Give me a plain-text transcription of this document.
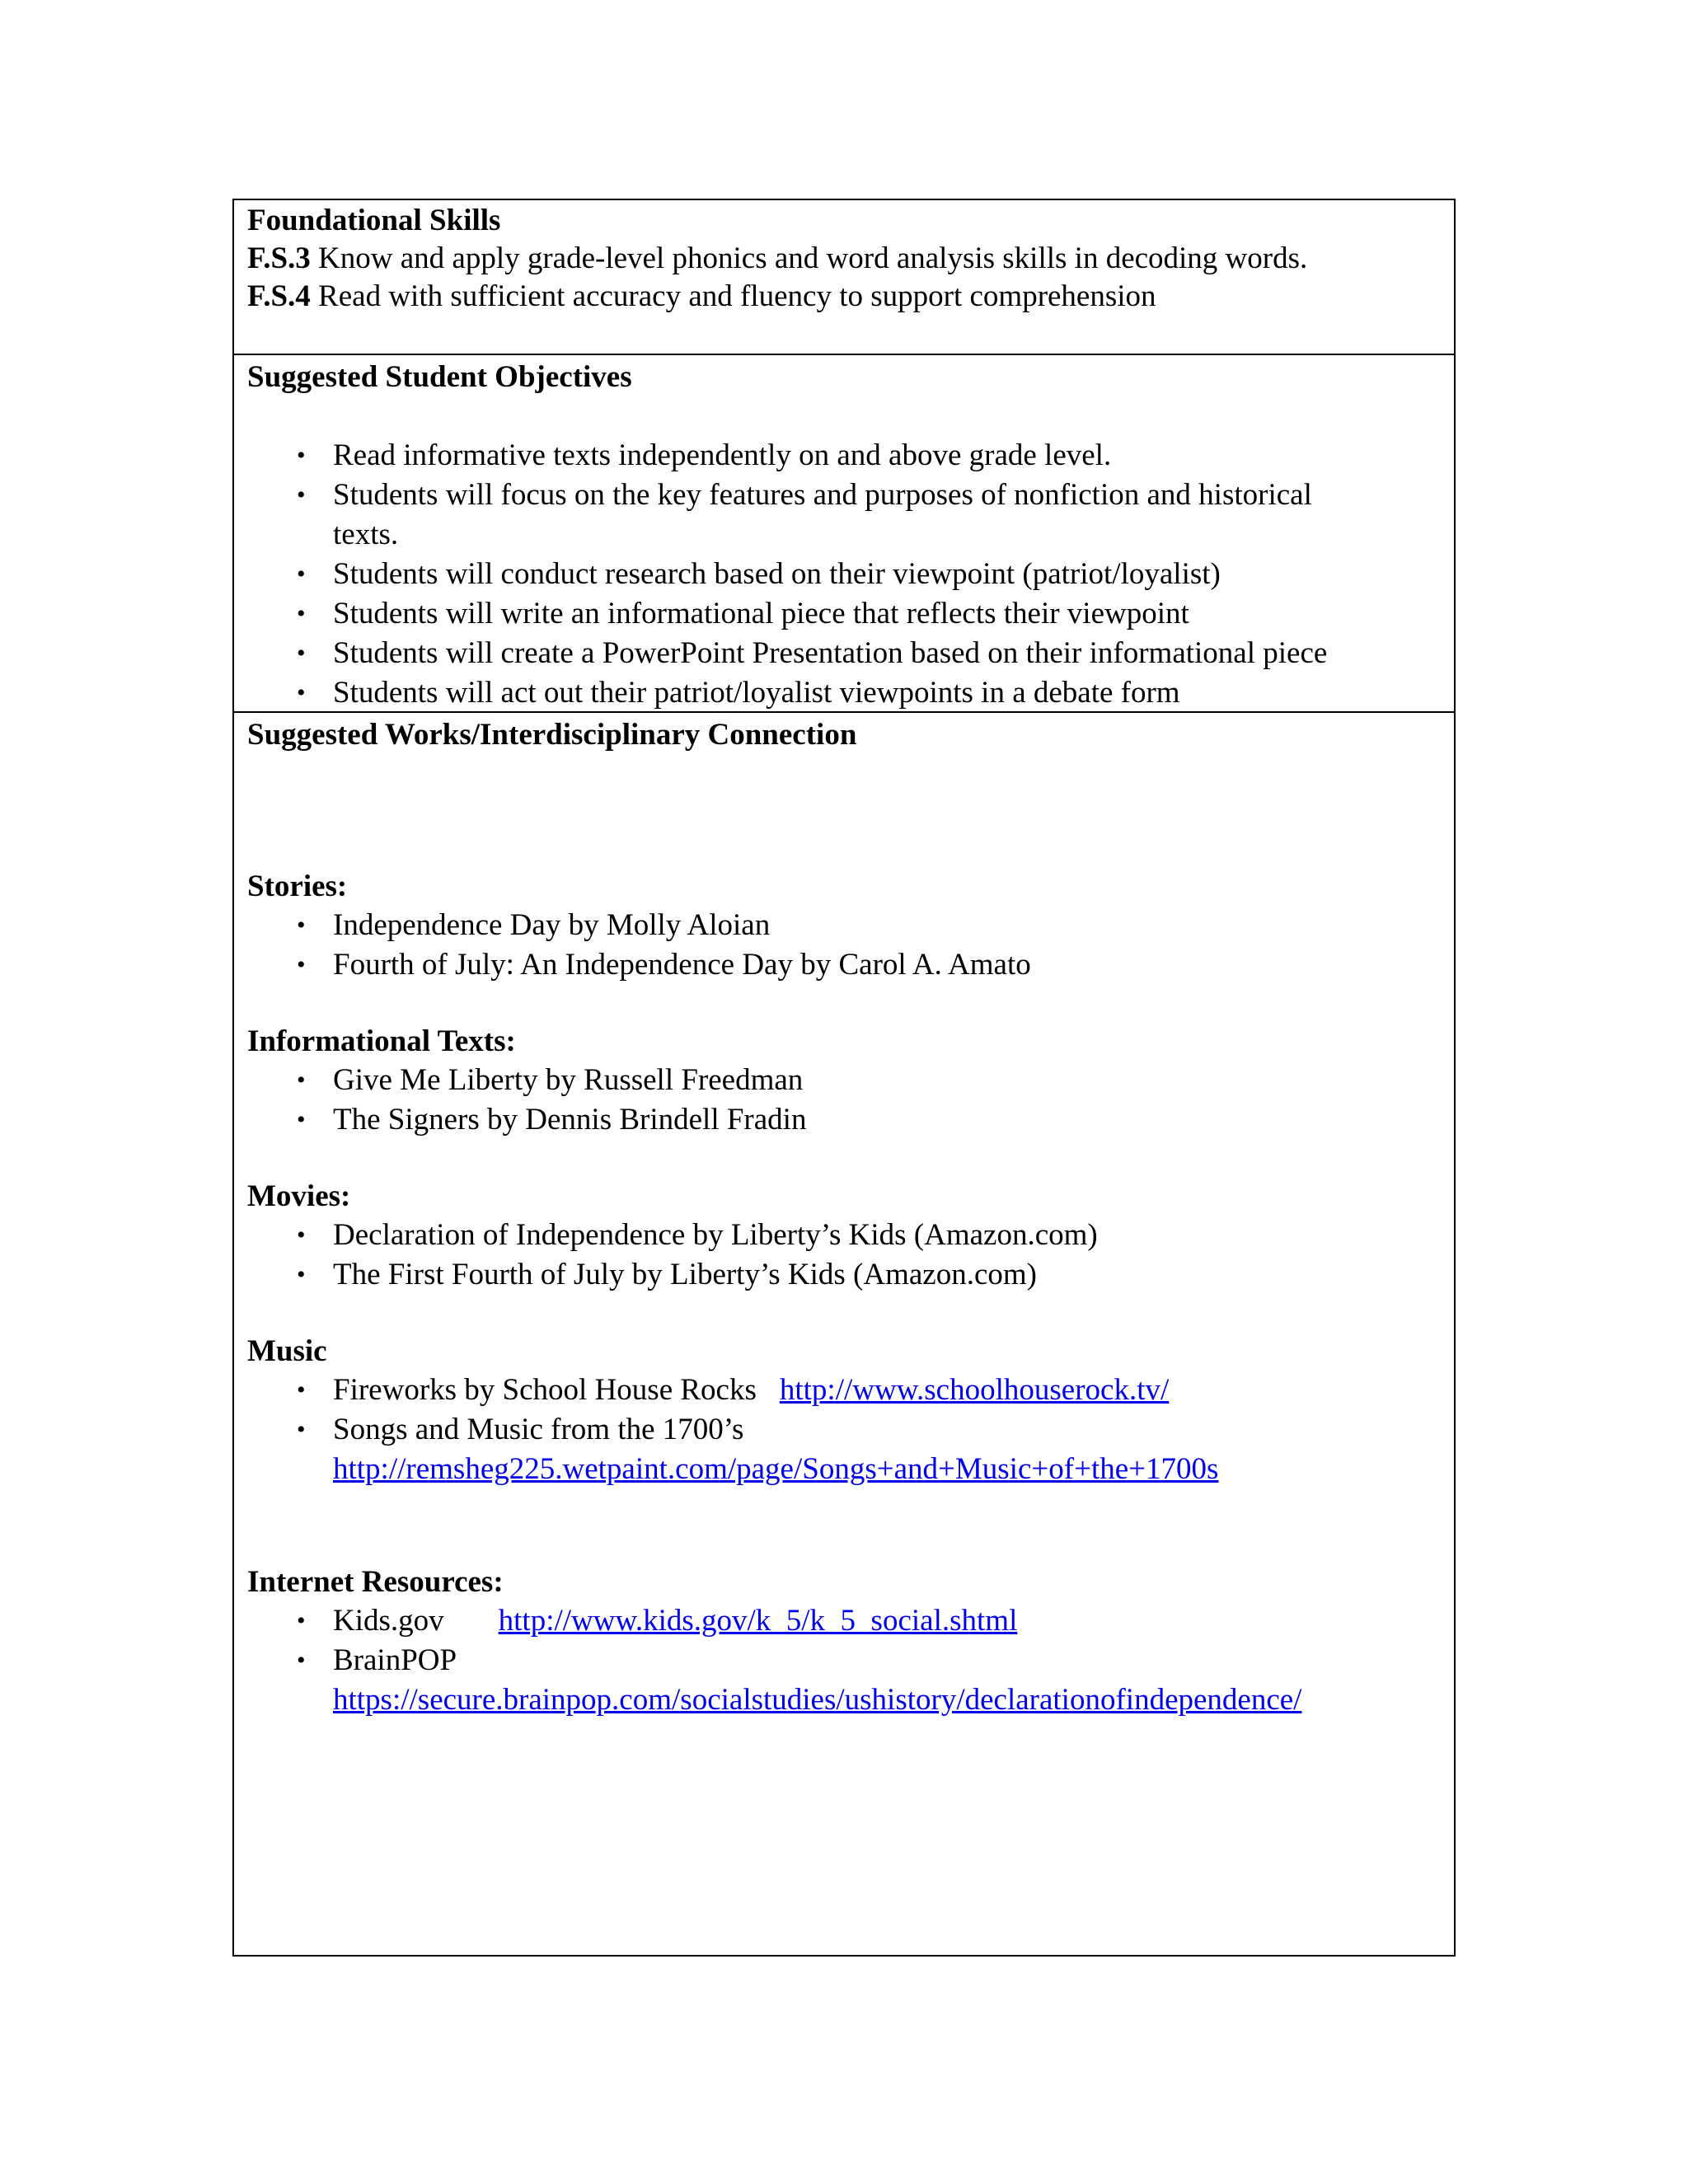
Foundational Skills
F.S.3 Know and apply grade-level phonics and word analysis skills in decoding words.
F.S.4 Read with sufficient accuracy and fluency to support comprehension
Suggested Student Objectives
• Read informative texts independently on and above grade level.
• Students will focus on the key features and purposes of nonfiction and historical
texts.
• Students will conduct research based on their viewpoint (patriot/loyalist)
• Students will write an informational piece that reflects their viewpoint
• Students will create a PowerPoint Presentation based on their informational piece
• Students will act out their patriot/loyalist viewpoints in a debate form
Suggested Works/Interdisciplinary Connection
Stories:
• Independence Day by Molly Aloian
• Fourth of July: An Independence Day by Carol A. Amato
Informational Texts:
• Give Me Liberty by Russell Freedman
• The Signers by Dennis Brindell Fradin
Movies:
• Declaration of Independence by Liberty’s Kids (Amazon.com)
• The First Fourth of July by Liberty’s Kids (Amazon.com)
Music
• Fireworks by School House Rocks http://www.schoolhouserock.tv/
• Songs and Music from the 1700’s
http://remsheg225.wetpaint.com/page/Songs+and+Music+of+the+1700s
Internet Resources:
• Kids.gov http://www.kids.gov/k_5/k_5_social.shtml
• BrainPOP
https://secure.brainpop.com/socialstudies/ushistory/declarationofindependence/
